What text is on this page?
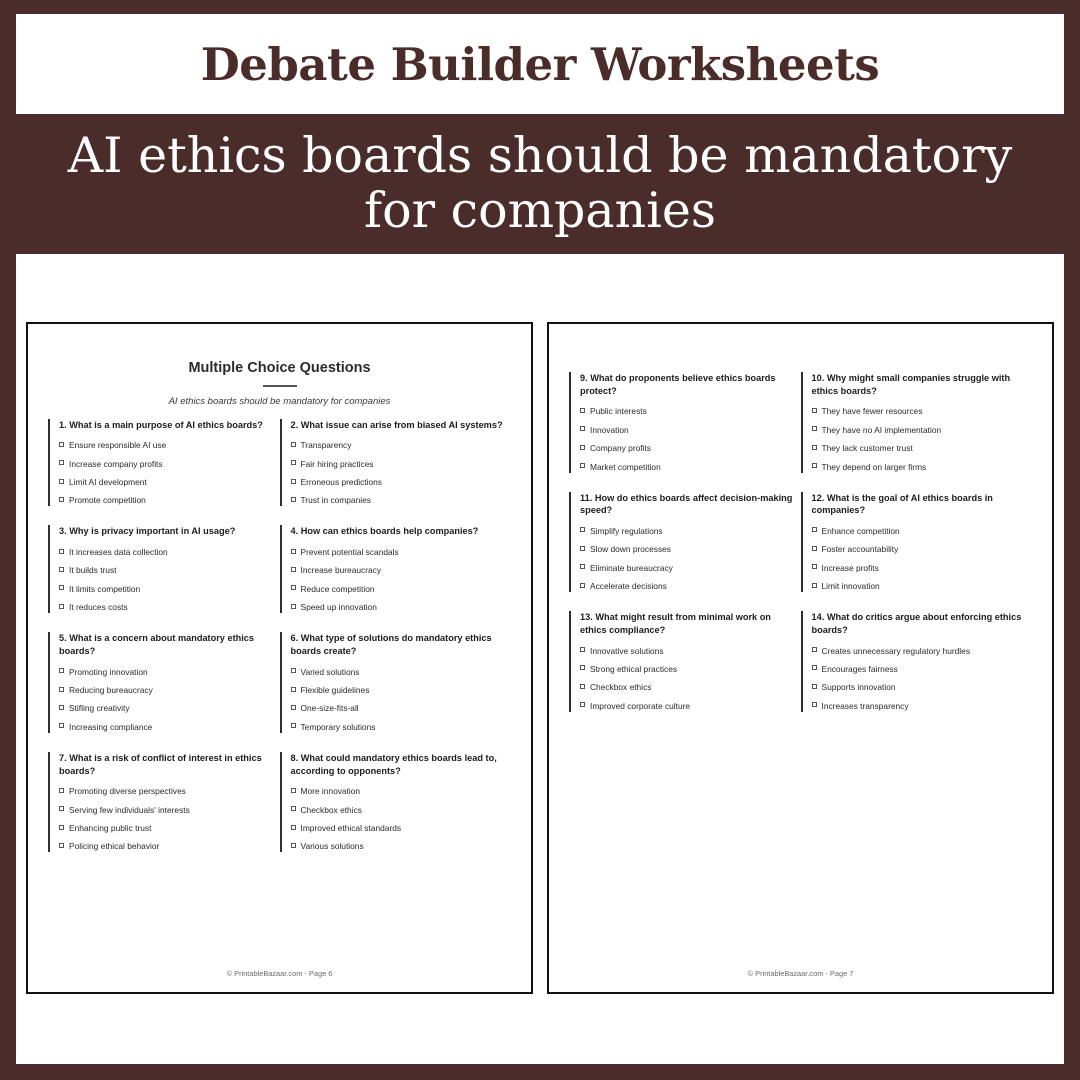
Debate Builder Worksheets
AI ethics boards should be mandatory for companies
Multiple Choice Questions
AI ethics boards should be mandatory for companies
1. What is a main purpose of AI ethics boards?
Ensure responsible AI use
Increase company profits
Limit AI development
Promote competition
2. What issue can arise from biased AI systems?
Transparency
Fair hiring practices
Erroneous predictions
Trust in companies
3. Why is privacy important in AI usage?
It increases data collection
It builds trust
It limits competition
It reduces costs
4. How can ethics boards help companies?
Prevent potential scandals
Increase bureaucracy
Reduce competition
Speed up innovation
5. What is a concern about mandatory ethics boards?
Promoting innovation
Reducing bureaucracy
Stifling creativity
Increasing compliance
6. What type of solutions do mandatory ethics boards create?
Varied solutions
Flexible guidelines
One-size-fits-all
Temporary solutions
7. What is a risk of conflict of interest in ethics boards?
Promoting diverse perspectives
Serving few individuals' interests
Enhancing public trust
Policing ethical behavior
8. What could mandatory ethics boards lead to, according to opponents?
More innovation
Checkbox ethics
Improved ethical standards
Various solutions
© PrintableBazaar.com - Page 6
9. What do proponents believe ethics boards protect?
Public interests
Innovation
Company profits
Market competition
10. Why might small companies struggle with ethics boards?
They have fewer resources
They have no AI implementation
They lack customer trust
They depend on larger firms
11. How do ethics boards affect decision-making speed?
Simplify regulations
Slow down processes
Eliminate bureaucracy
Accelerate decisions
12. What is the goal of AI ethics boards in companies?
Enhance competition
Foster accountability
Increase profits
Limit innovation
13. What might result from minimal work on ethics compliance?
Innovative solutions
Strong ethical practices
Checkbox ethics
Improved corporate culture
14. What do critics argue about enforcing ethics boards?
Creates unnecessary regulatory hurdles
Encourages fairness
Supports innovation
Increases transparency
© PrintableBazaar.com - Page 7
